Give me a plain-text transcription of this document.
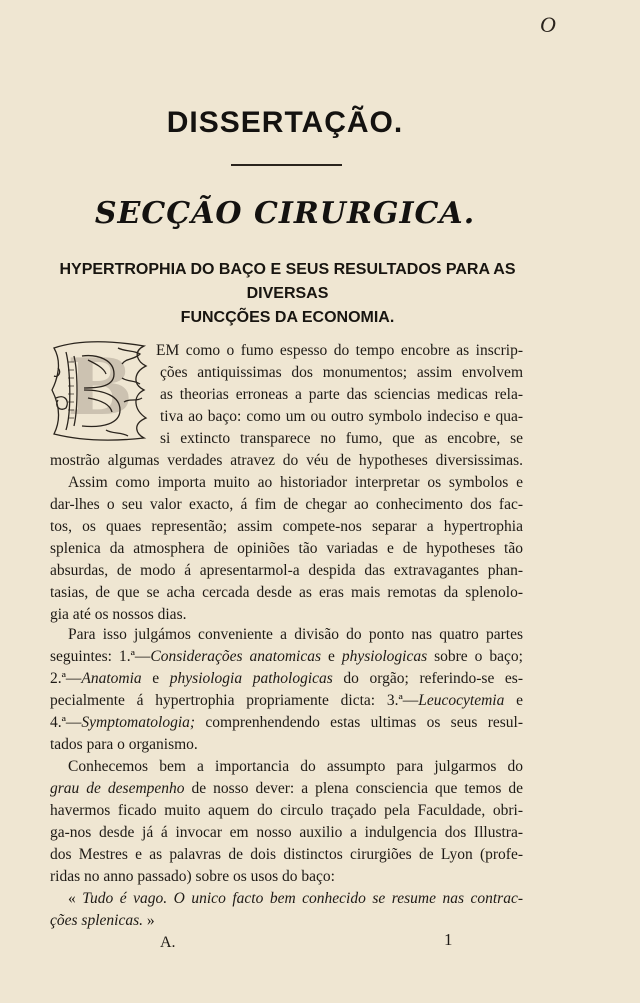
O
DISSERTAÇÃO.
SECÇÃO CIRURGICA.
HYPERTROPHIA DO BAÇO E SEUS RESULTADOS PARA AS DIVERSAS
FUNCÇÕES DA ECONOMIA.
B EM como o fumo espesso do tempo encobre as inscrip-
ções antiquissimas dos monumentos; assim envolvem
as theorias erroneas a parte das sciencias medicas rela-
tiva ao baço: como um ou outro symbolo indeciso e qua-
si extincto transparece no fumo, que as encobre, se
mostrão algumas verdades atravez do véu de hypotheses diversissimas.
Assim como importa muito ao historiador interpretar os symbolos e
dar-lhes o seu valor exacto, á fim de chegar ao conhecimento dos fac-
tos, os quaes representão; assim compete-nos separar a hypertrophia
splenica da atmosphera de opiniões tão variadas e de hypotheses tão
absurdas, de modo á apresentarmol-a despida das extravagantes phan-
tasias, de que se acha cercada desde as eras mais remotas da splenolo-
gia até os nossos dias.
Para isso julgámos conveniente a divisão do ponto nas quatro partes
seguintes: 1.ª—Considerações anatomicas e physiologicas sobre o baço;
2.ª—Anatomia e physiologia pathologicas do orgão; referindo-se es-
pecialmente á hypertrophia propriamente dicta: 3.ª—Leucocytemia e
4.ª—Symptomatologia; comprenhendendo estas ultimas os seus resul-
tados para o organismo.
Conhecemos bem a importancia do assumpto para julgarmos do
grau de desempenho de nosso dever: a plena consciencia que temos de
havermos ficado muito aquem do circulo traçado pela Faculdade, obri-
ga-nos desde já á invocar em nosso auxilio a indulgencia dos Illustra-
dos Mestres e as palavras de dois distinctos cirurgiões de Lyon (profe-
ridas no anno passado) sobre os usos do baço:
« Tudo é vago. O unico facto bem conhecido se resume nas contrac-
ções splenicas. »
A.	1
